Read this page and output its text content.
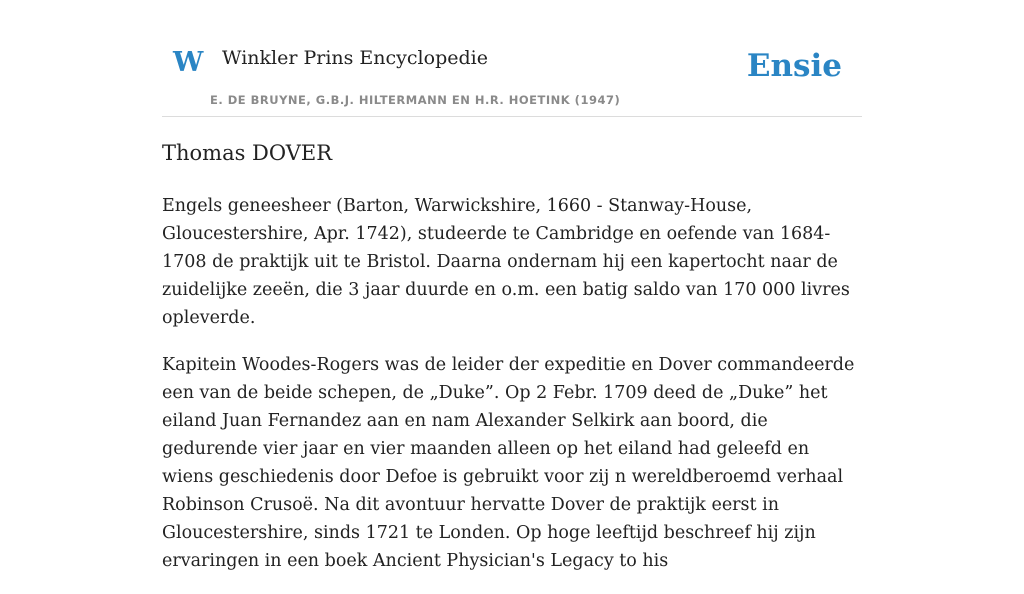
W Winkler Prins Encyclopedie
E. DE BRUYNE, G.B.J. HILTERMANN EN H.R. HOETINK (1947)
Ensie
Thomas DOVER

Engels geneesheer (Barton, Warwickshire, 1660 - Stanway-House, Gloucestershire, Apr. 1742), studeerde te Cambridge en oefende van 1684-1708 de praktijk uit te Bristol. Daarna ondernam hij een kapertocht naar de zuidelijke zeeën, die 3 jaar duurde en o.m. een batig saldo van 170 000 livres opleverde.

Kapitein Woodes-Rogers was de leider der expeditie en Dover commandeerde een van de beide schepen, de „Duke”. Op 2 Febr. 1709 deed de „Duke” het eiland Juan Fernandez aan en nam Alexander Selkirk aan boord, die gedurende vier jaar en vier maanden alleen op het eiland had geleefd en wiens geschiedenis door Defoe is gebruikt voor zij n wereldberoemd verhaal Robinson Crusoë. Na dit avontuur hervatte Dover de praktijk eerst in Gloucestershire, sinds 1721 te Londen. Op hoge leeftijd beschreef hij zijn ervaringen in een boek Ancient Physician's Legacy to his
